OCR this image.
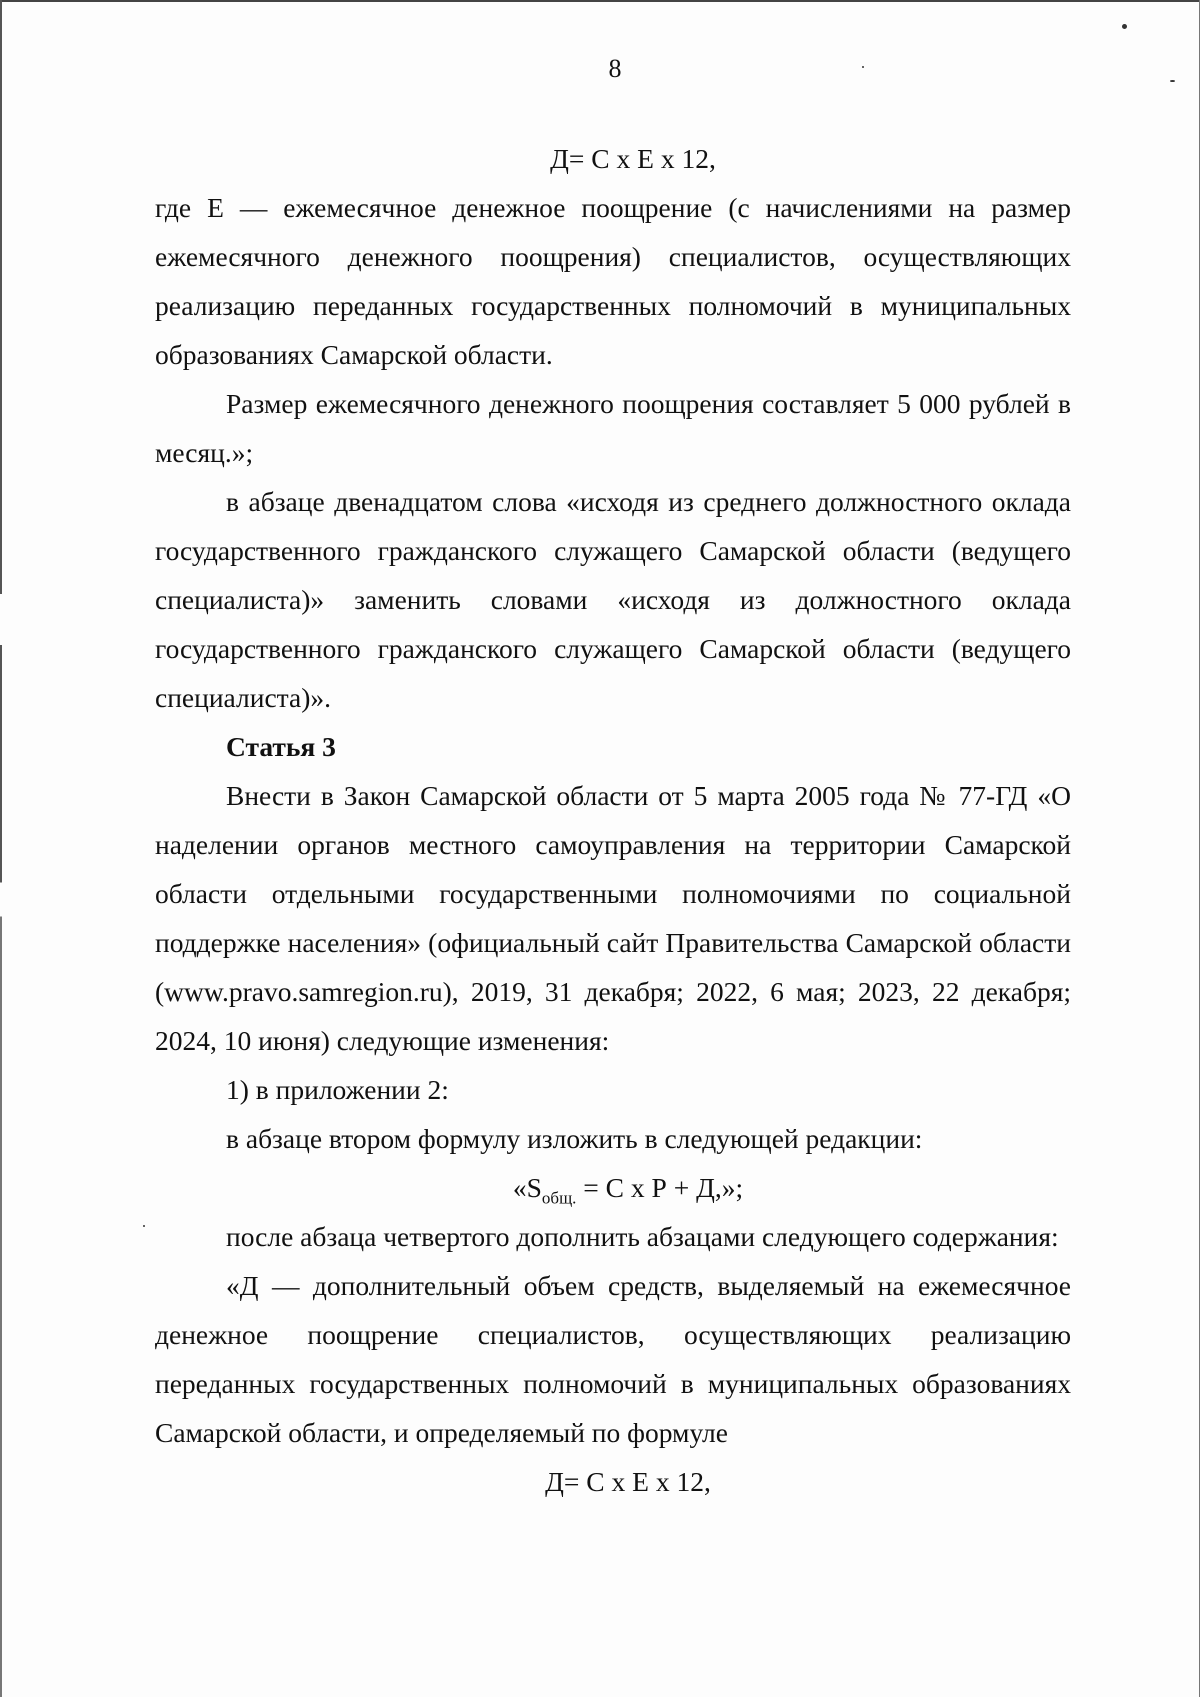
8

Д= С х Е х 12,

где Е — ежемесячное денежное поощрение (с начислениями на размер ежемесячного денежного поощрения) специалистов, осуществляющих реализацию переданных государственных полномочий в муниципальных образованиях Самарской области.

Размер ежемесячного денежного поощрения составляет 5 000 рублей в месяц.»;

в абзаце двенадцатом слова «исходя из среднего должностного оклада государственного гражданского служащего Самарской области (ведущего специалиста)» заменить словами «исходя из должностного оклада государственного гражданского служащего Самарской области (ведущего специалиста)».

Статья 3

Внести в Закон Самарской области от 5 марта 2005 года № 77-ГД «О наделении органов местного самоуправления на территории Самарской области отдельными государственными полномочиями по социальной поддержке населения» (официальный сайт Правительства Самарской области (www.pravo.samregion.ru), 2019, 31 декабря; 2022, 6 мая; 2023, 22 декабря; 2024, 10 июня) следующие изменения:

1) в приложении 2:

в абзаце втором формулу изложить в следующей редакции:

«$S_{общ.} = С$ х Р + Д,»;

после абзаца четвертого дополнить абзацами следующего содержания:

«Д — дополнительный объем средств, выделяемый на ежемесячное денежное поощрение специалистов, осуществляющих реализацию переданных государственных полномочий в муниципальных образованиях Самарской области, и определяемый по формуле

Д= С х Е х 12,
